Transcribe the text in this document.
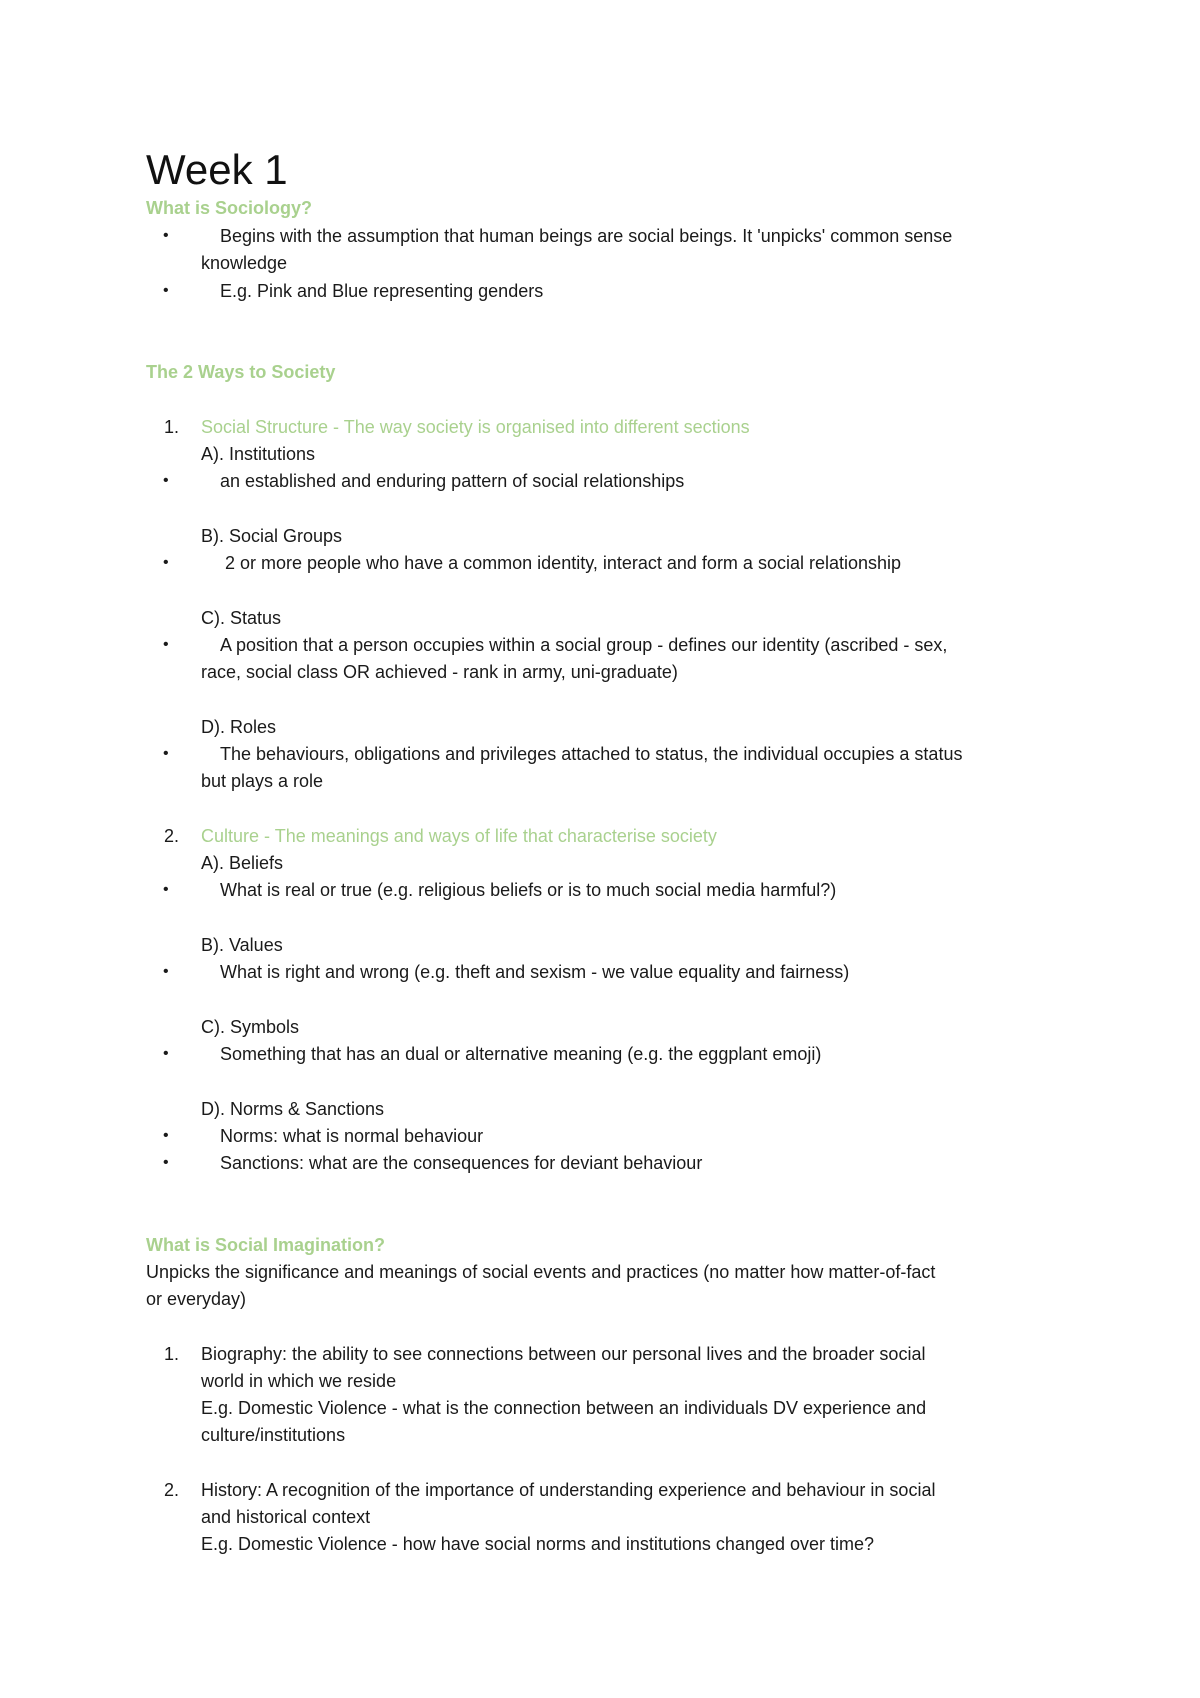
Week 1
What is Sociology?
•	Begins with the assumption that human beings are social beings. It 'unpicks' common sense
knowledge
•	E.g. Pink and Blue representing genders
The 2 Ways to Society
1. Social Structure - The way society is organised into different sections
A). Institutions
•	an established and enduring pattern of social relationships
B). Social Groups
•	2 or more people who have a common identity, interact and form a social relationship
C). Status
•	A position that a person occupies within a social group - defines our identity (ascribed - sex,
race, social class OR achieved - rank in army, uni-graduate)
D). Roles
•	The behaviours, obligations and privileges attached to status, the individual occupies a status
but plays a role
2. Culture - The meanings and ways of life that characterise society
A). Beliefs
•	What is real or true (e.g. religious beliefs or is to much social media harmful?)
B). Values
•	What is right and wrong (e.g. theft and sexism - we value equality and fairness)
C). Symbols
•	Something that has an dual or alternative meaning (e.g. the eggplant emoji)
D). Norms & Sanctions
•	Norms: what is normal behaviour
•	Sanctions: what are the consequences for deviant behaviour
What is Social Imagination?
Unpicks the significance and meanings of social events and practices (no matter how matter-of-fact
or everyday)
1. Biography: the ability to see connections between our personal lives and the broader social
world in which we reside
E.g. Domestic Violence - what is the connection between an individuals DV experience and
culture/institutions
2. History: A recognition of the importance of understanding experience and behaviour in social
and historical context
E.g. Domestic Violence - how have social norms and institutions changed over time?
